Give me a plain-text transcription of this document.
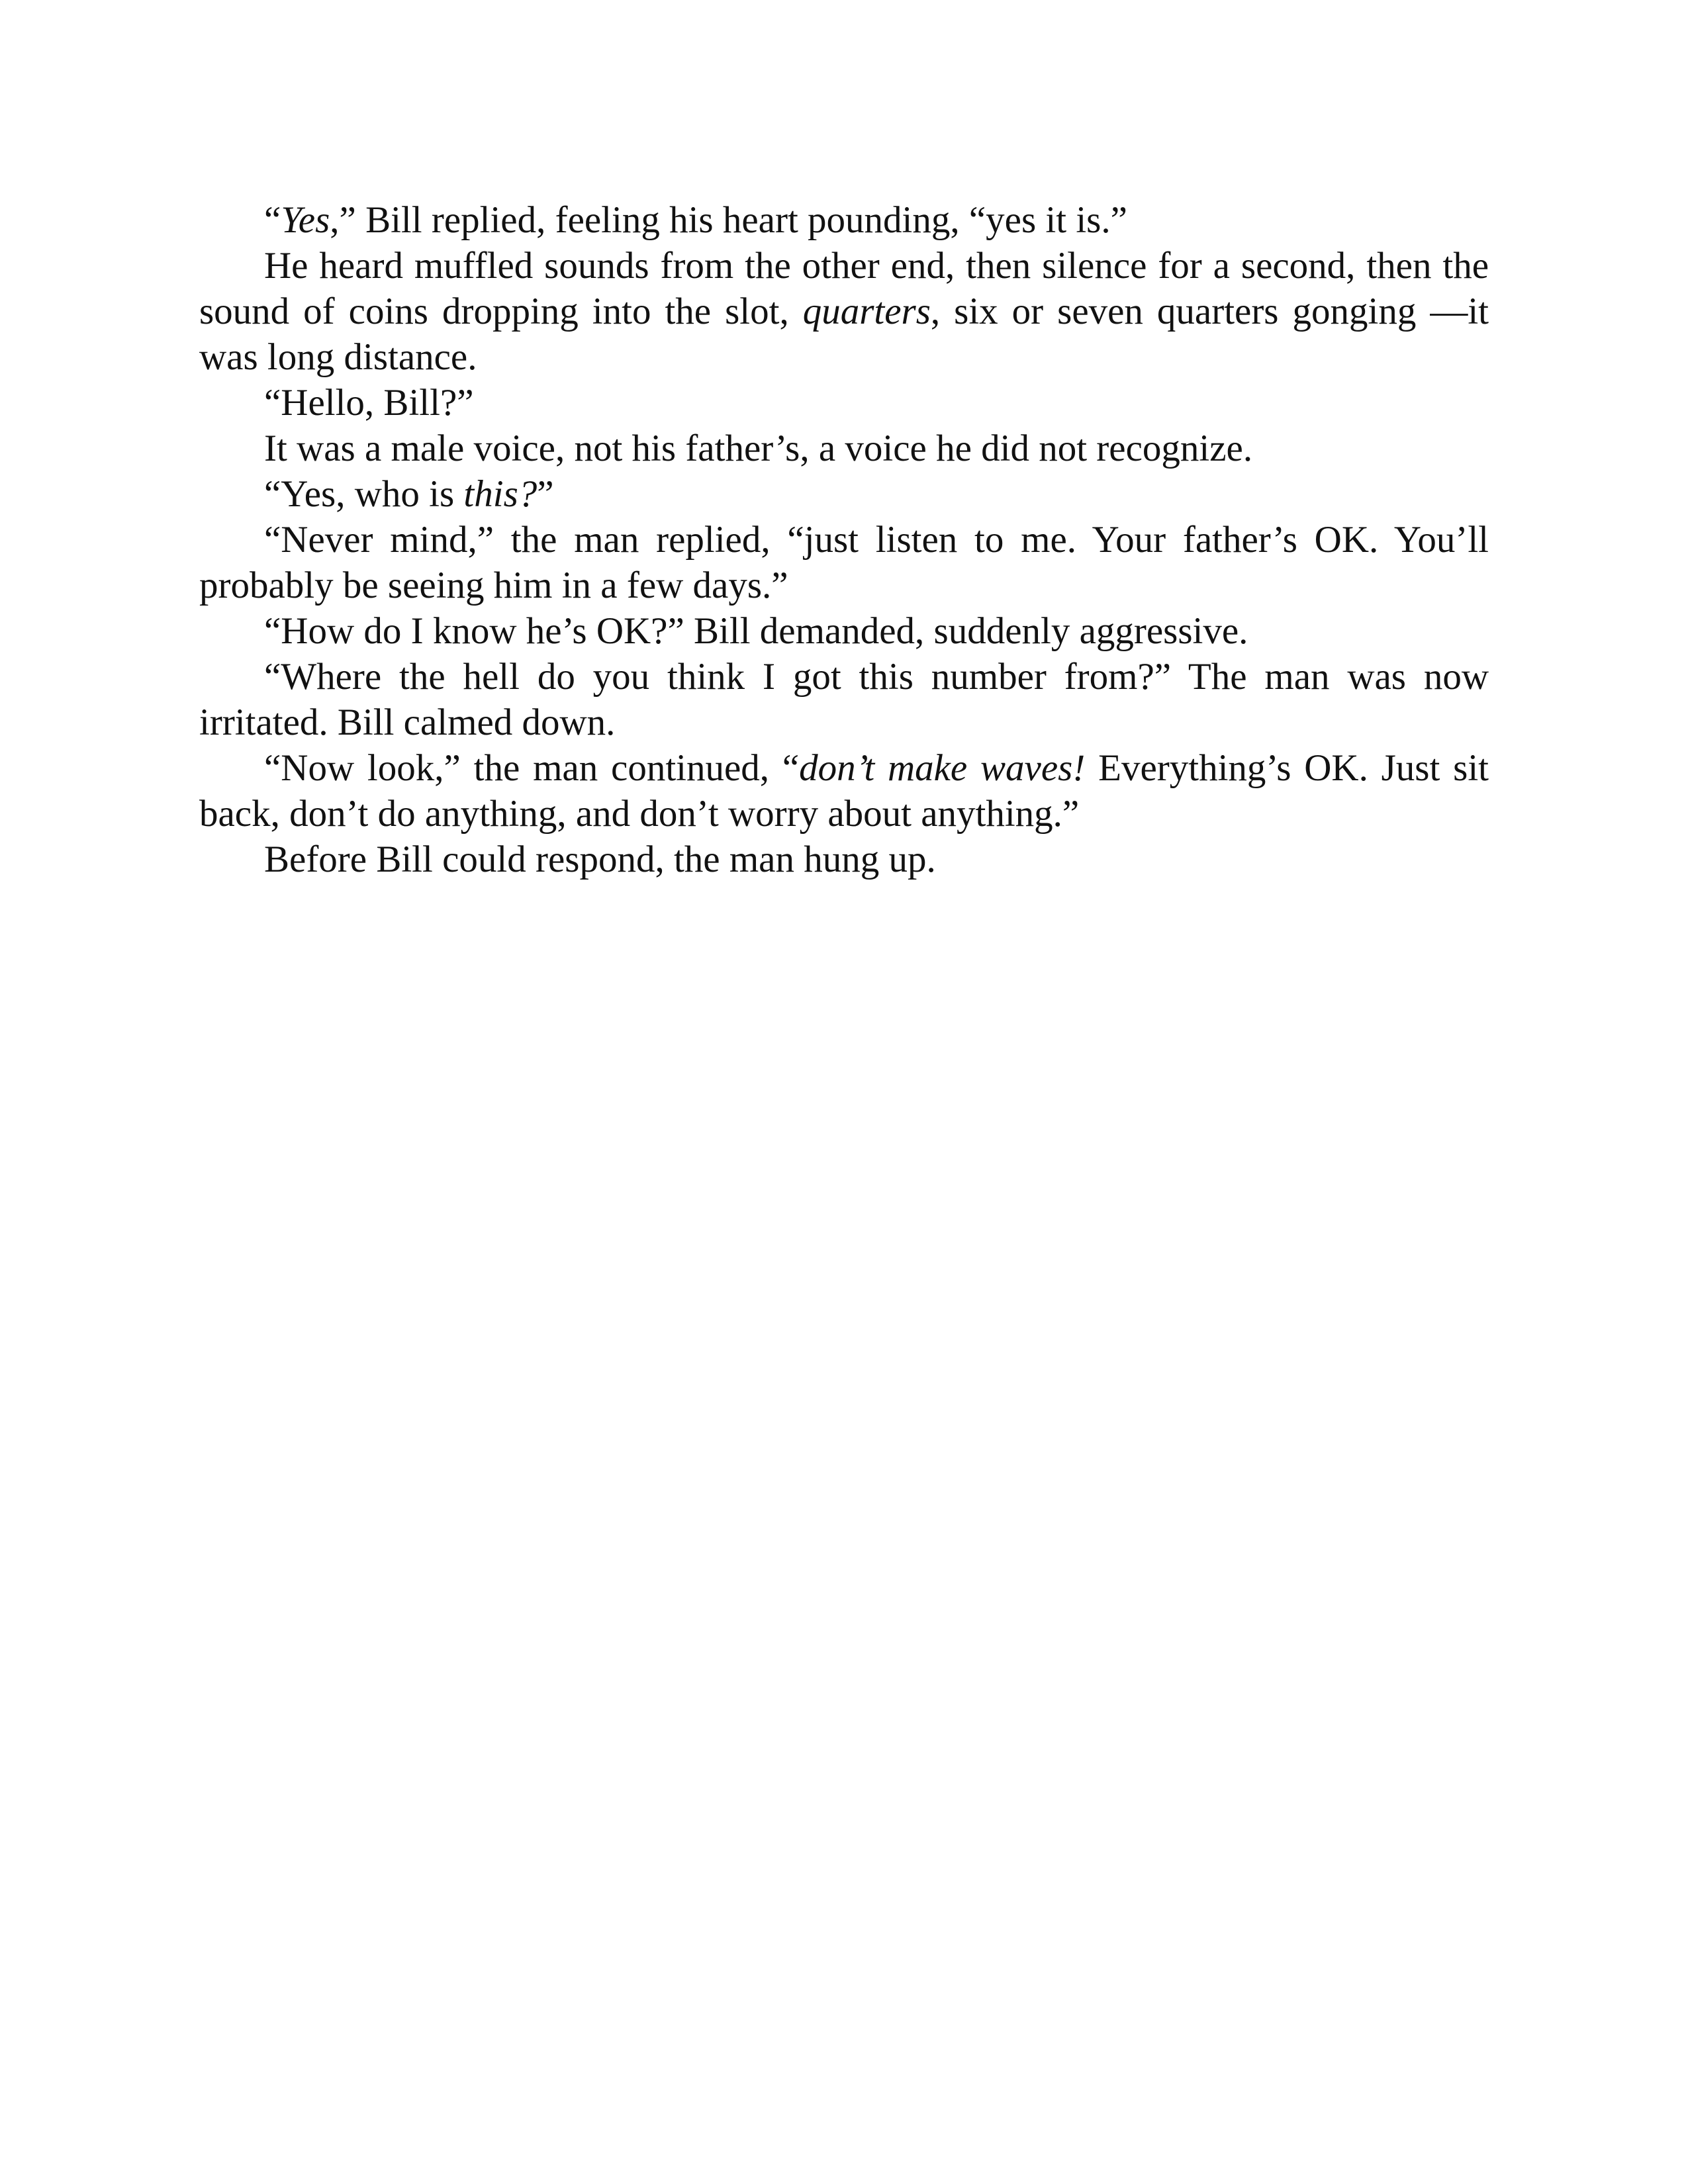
“Yes,” Bill replied, feeling his heart pounding, “yes it is.”

He heard muffled sounds from the other end, then silence for a second, then the sound of coins dropping into the slot, quarters, six or seven quarters gonging —it was long distance.

“Hello, Bill?”

It was a male voice, not his father’s, a voice he did not recognize.

“Yes, who is this?”

“Never mind,” the man replied, “just listen to me. Your father’s OK. You’ll probably be seeing him in a few days.”

“How do I know he’s OK?” Bill demanded, suddenly aggressive.

“Where the hell do you think I got this number from?” The man was now irritated. Bill calmed down.

“Now look,” the man continued, “don’t make waves! Everything’s OK. Just sit back, don’t do anything, and don’t worry about anything.”

Before Bill could respond, the man hung up.
